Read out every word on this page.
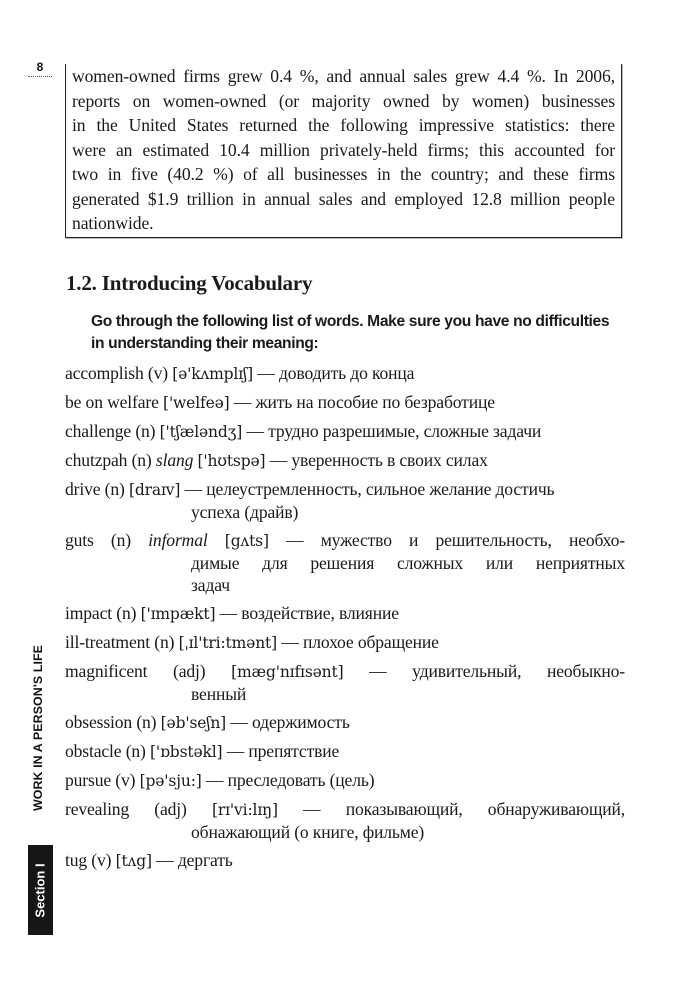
8	women-owned firms grew 0.4 %, and annual sales grew 4.4 %. In 2006,
reports on women-owned (or majority owned by women) businesses
in the United States returned the following impressive statistics: there
were an estimated 10.4 million privately-held firms; this accounted for
two in five (40.2 %) of all businesses in the country; and these firms
generated $1.9 trillion in annual sales and employed 12.8 million people
nationwide.

1.2. Introducing Vocabulary

Go through the following list of words. Make sure you have no difficulties
in understanding their meaning:

accomplish (v) [ə'kʌmplɪʃ] — доводить до конца
be on welfare ['welfeə] — жить на пособие по безработице
challenge (n) ['tʃæləndʒ] — трудно разрешимые, сложные задачи
chutzpah (n) slang ['hʊtspə] — уверенность в своих силах
drive (n) [draɪv] — целеустремленность, сильное желание достичь
успеха (драйв)
guts (n) informal [gʌts] — мужество и решительность, необхо-
димые для решения сложных или неприятных
задач
impact (n) ['ɪmpækt] — воздействие, влияние
ill-treatment (n) [ˌɪl'tri:tmənt] — плохое обращение
magnificent (adj) [mæg'nɪfɪsənt] — удивительный, необыкно-
венный
obsession (n) [əb'seʃn] — одержимость
obstacle (n) ['ɒbstəkl] — препятствие
pursue (v) [pə'sju:] — преследовать (цель)
revealing (adj) [rɪ'vi:lɪŋ] — показывающий, обнаруживающий,
обнажающий (о книге, фильме)
tug (v) [tʌg] — дергать
WORK IN A PERSON'S LIFE
Section I
